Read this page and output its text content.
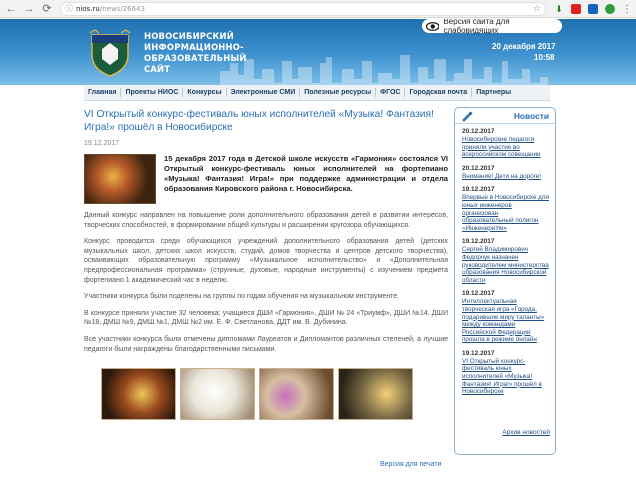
← → ⟳ ⓘ nios.ru /news/26643	☆ ⬇	⋮
НОВОСИБИРСКИЙ
ИНФОРМАЦИОННО-
ОБРАЗОВАТЕЛЬНЫЙ
САЙТ
Версия сайта для слабовидящих
20 декабря 2017
10:58
Главная	Проекты НИОС	Конкурсы	Электронные СМИ	Полезные ресурсы	ФГОС	Городская почта	Партнеры
VI Открытый конкурс-фестиваль юных исполнителей «Музыка! Фантазия! Игра!» прошёл в Новосибирске
19.12.2017

15 декабря 2017 года в Детской школе искусств «Гармония» состоялся VI Открытый конкурс-фестиваль юных исполнителей на фортепиано «Музыка! Фантазия! Игра!» при поддержке администрации и отдела образования Кировского района г. Новосибирска.

Данный конкурс направлен на повышение роли дополнительного образования детей в развитии интересов, творческих способностей, в формировании общей культуры и расширении кругозора обучающихся.

Конкурс проводится среди обучающихся учреждений дополнительного образования детей (детских музыкальных школ, детских школ искусств, студий, домов творчества и центров детского творчества), осваивающих образовательную программу «Музыкальное исполнительство» и «Дополнительная предпрофессиональная программа» (струнные, духовые, народные инструменты) с изучением предмета фортепиано 1 академический час в неделю.

Участники конкурса были поделены на группы по годам обучения на музыкальном инструменте.

В конкурсе приняли участие 32 человека: учащиеся ДШИ «Гармония», ДШИ № 24 «Триумф», ДШИ №14, ДШИ №18, ДМШ №9, ДМШ №1, ДМШ №2 им. Е. Ф. Светланова, ДДТ им. В. Дубинина.

Все участники конкурса были отмечены дипломами Лауреатов и Дипломантов различных степеней, а лучшие педагоги были награждены благодарственными письмами.

Версия для печати
Новости
20.12.2017
Новосибирские педагоги приняли участие во всероссийском совещании
20.12.2017
Внимание! Дети на дороге!
19.12.2017
Впервые в Новосибирске для юных инженеров организован образовательный полигон «ИнженериУм»
19.12.2017
Сергей Владимирович Федорчук назначен руководителем министерства образования Новосибирской области
19.12.2017
Интеллектуальная творческая игра «Города, подарившие миру таланты» между командами Российской Федерации прошла в режиме онлайн
19.12.2017
VI Открытый конкурс-фестиваль юных исполнителей «Музыка! Фантазия! Игра!» прошёл в Новосибирске
Архив новостей
